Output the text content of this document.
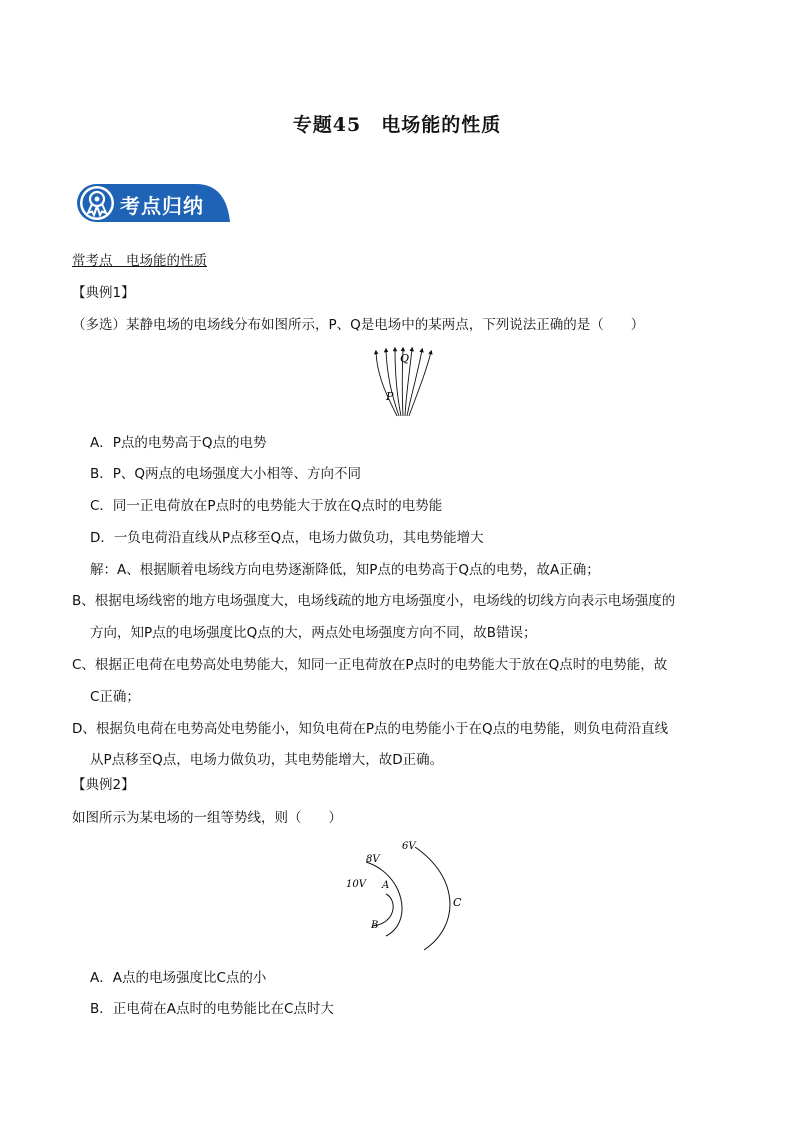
专题45　电场能的性质
考点归纳
常考点　电场能的性质
【典例1】
（多选）某静电场的电场线分布如图所示，P、Q是电场中的某两点，下列说法正确的是（　　）
Q
P
A．P点的电势高于Q点的电势
B．P、Q两点的电场强度大小相等、方向不同
C．同一正电荷放在P点时的电势能大于放在Q点时的电势能
D．一负电荷沿直线从P点移至Q点，电场力做负功，其电势能增大
解：A、根据顺着电场线方向电势逐渐降低，知P点的电势高于Q点的电势，故A正确；
B、根据电场线密的地方电场强度大，电场线疏的地方电场强度小，电场线的切线方向表示电场强度的
方向，知P点的电场强度比Q点的大，两点处电场强度方向不同，故B错误；
C、根据正电荷在电势高处电势能大，知同一正电荷放在P点时的电势能大于放在Q点时的电势能，故
C正确；
D、根据负电荷在电势高处电势能小，知负电荷在P点的电势能小于在Q点的电势能，则负电荷沿直线
从P点移至Q点，电场力做负功，其电势能增大，故D正确。
【典例2】
如图所示为某电场的一组等势线，则（　　）
10V
8V
6V
A
B
C
A．A点的电场强度比C点的小
B．正电荷在A点时的电势能比在C点时大
